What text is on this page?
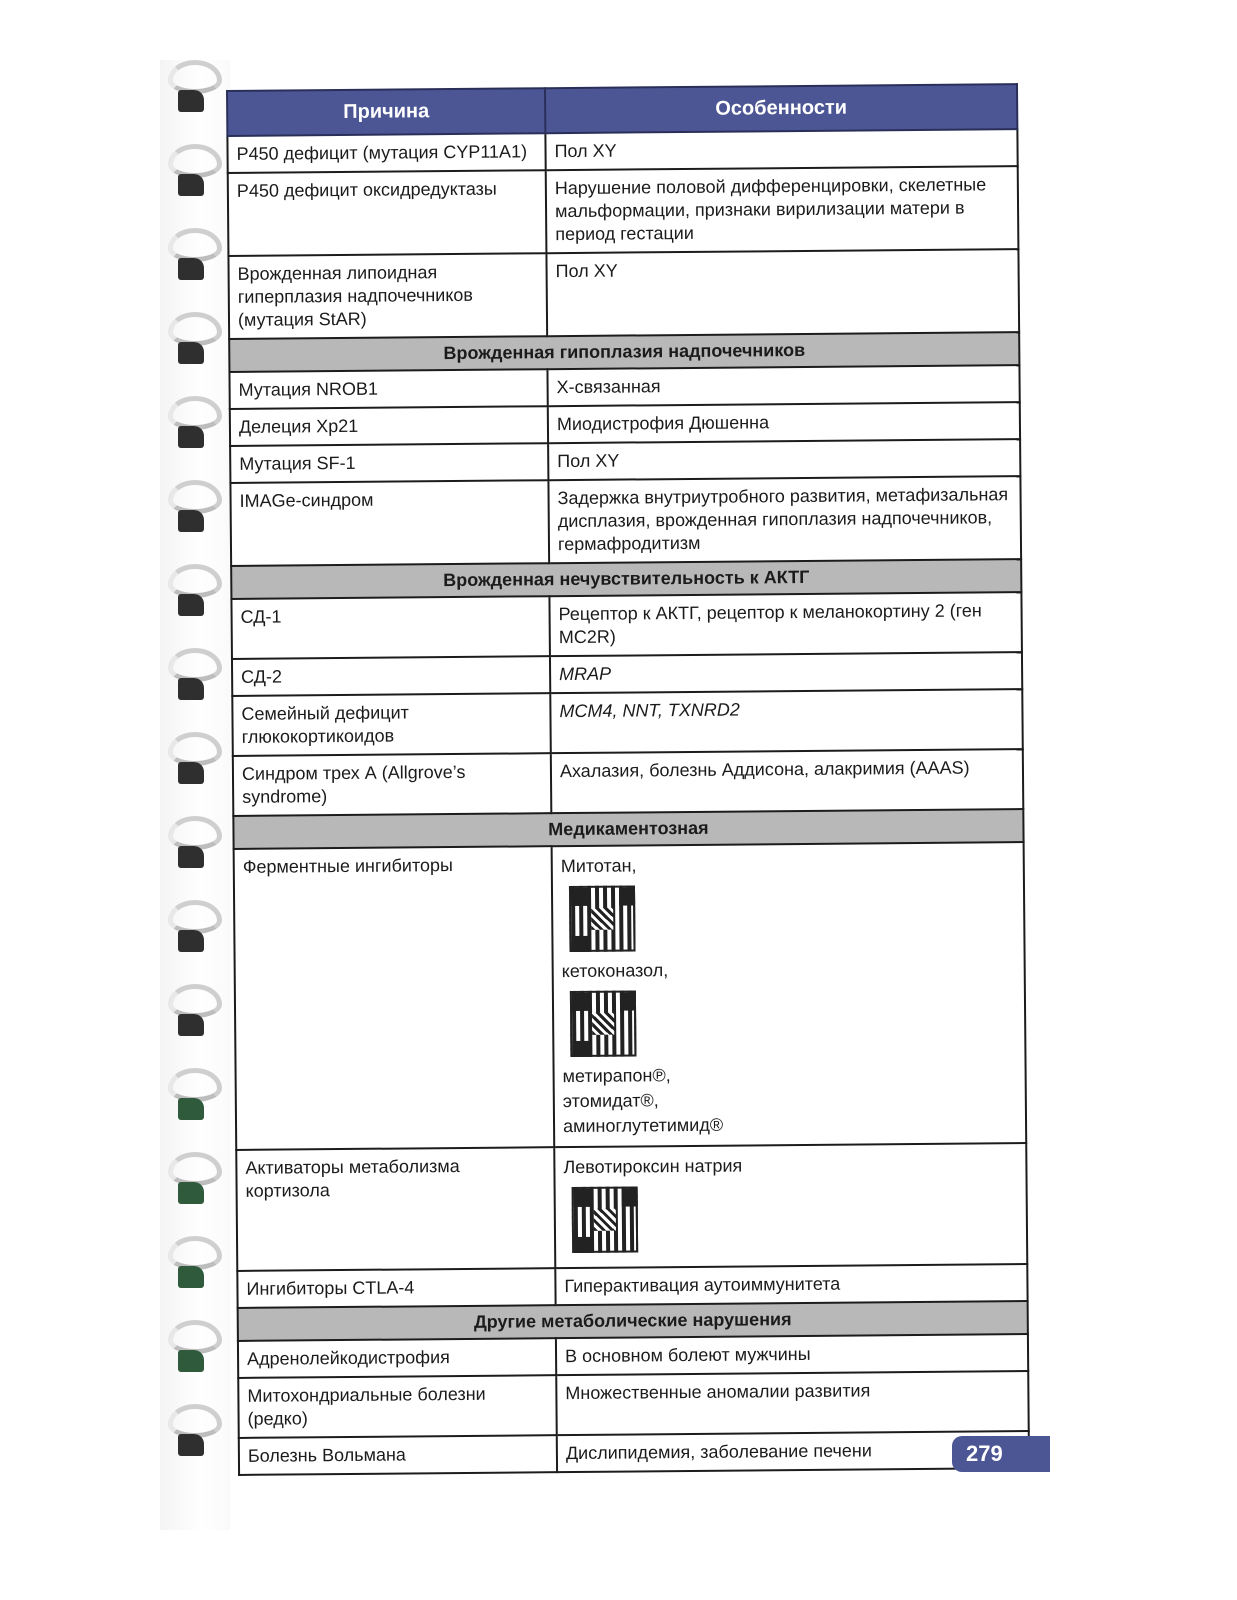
Причина	Особенности
Р450 дефицит (мутация CYP11A1)	Пол XY
Р450 дефицит оксидредуктазы	Нарушение половой дифференцировки, скелетные мальформации, признаки вирилизации матери в период гестации
Врожденная липоидная гиперплазия надпочечников (мутация StAR)	Пол XY
Врожденная гипоплазия надпочечников	
Мутация NROB1	Х-связанная
Делеция Xp21	Миодистрофия Дюшенна
Мутация SF-1	Пол XY
IMAGe-синдром	Задержка внутриутробного развития, метафизальная дисплазия, врожденная гипоплазия надпочечников, гермафродитизм
Врожденная нечувствительность к АКТГ	
СД-1	Рецептор к АКТГ, рецептор к меланокортину 2 (ген MC2R)
СД-2	MRAP
Семейный дефицит глюкокортикоидов	MCM4, NNT, TXNRD2
Синдром трех А (Allgrove’s syndrome)	Ахалазия, болезнь Аддисона, алакримия (AAAS)
Медикаментозная	
Ферментные ингибиторы	Митотан,
кетоконазол,
метирапон℗,
этомидат®,
аминоглутетимид®

Активаторы метаболизма кортизола	Левотироксин натрия

Ингибиторы CTLA-4	Гиперактивация аутоиммунитета
Другие метаболические нарушения	
Адренолейкодистрофия	В основном болеют мужчины
Митохондриальные болезни (редко)	Множественные аномалии развития
Болезнь Вольмана	Дислипидемия, заболевание печени	279
